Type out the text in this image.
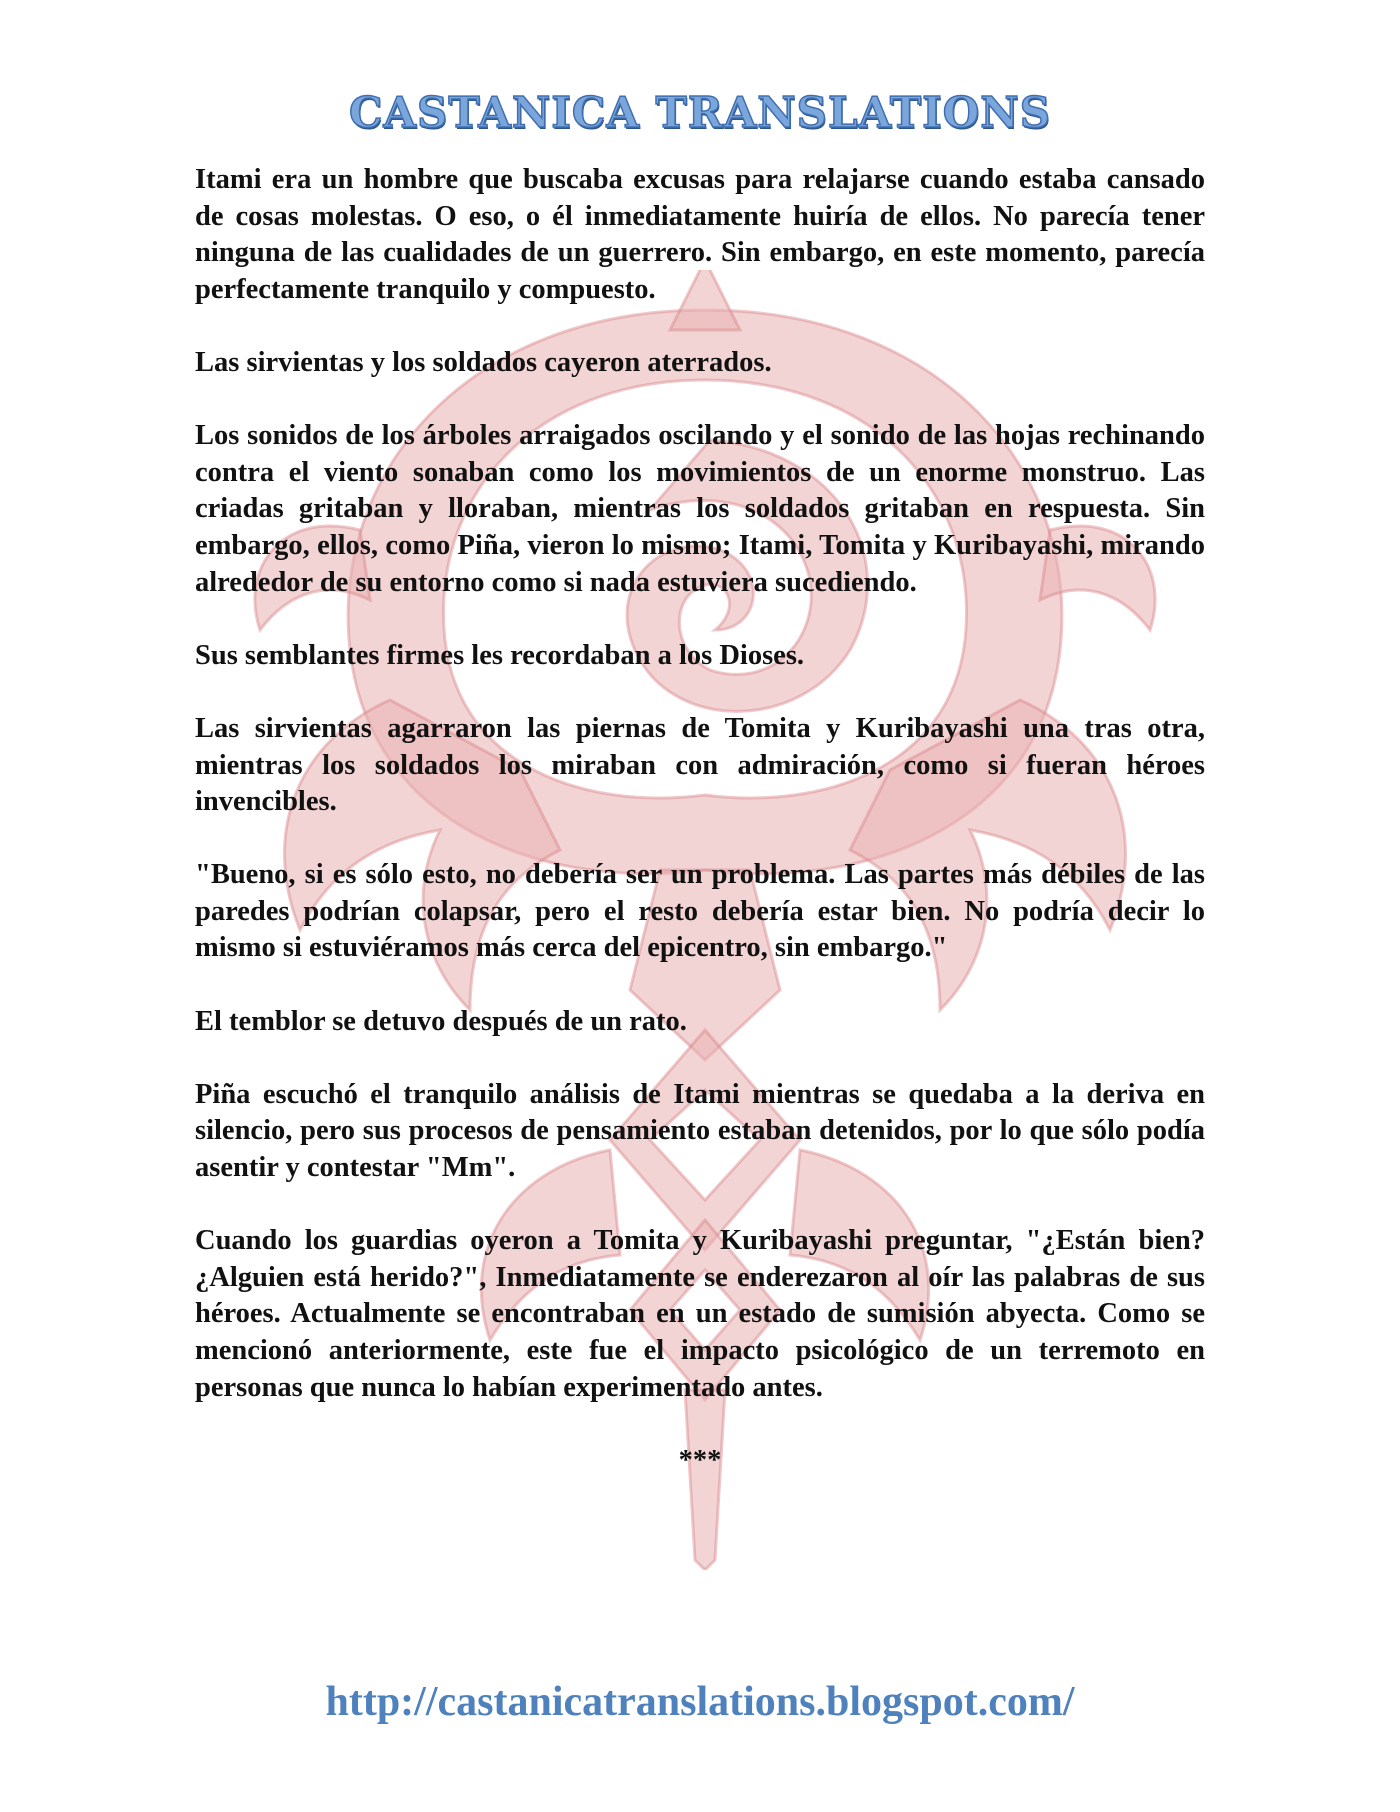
CASTANICA TRANSLATIONS

Itami era un hombre que buscaba excusas para relajarse cuando estaba cansado de cosas molestas. O eso, o él inmediatamente huiría de ellos. No parecía tener ninguna de las cualidades de un guerrero. Sin embargo, en este momento, parecía perfectamente tranquilo y compuesto.

Las sirvientas y los soldados cayeron aterrados.

Los sonidos de los árboles arraigados oscilando y el sonido de las hojas rechinando contra el viento sonaban como los movimientos de un enorme monstruo. Las criadas gritaban y lloraban, mientras los soldados gritaban en respuesta. Sin embargo, ellos, como Piña, vieron lo mismo; Itami, Tomita y Kuribayashi, mirando alrededor de su entorno como si nada estuviera sucediendo.

Sus semblantes firmes les recordaban a los Dioses.

Las sirvientas agarraron las piernas de Tomita y Kuribayashi una tras otra, mientras los soldados los miraban con admiración, como si fueran héroes invencibles.

"Bueno, si es sólo esto, no debería ser un problema. Las partes más débiles de las paredes podrían colapsar, pero el resto debería estar bien. No podría decir lo mismo si estuviéramos más cerca del epicentro, sin embargo."

El temblor se detuvo después de un rato.

Piña escuchó el tranquilo análisis de Itami mientras se quedaba a la deriva en silencio, pero sus procesos de pensamiento estaban detenidos, por lo que sólo podía asentir y contestar "Mm".

Cuando los guardias oyeron a Tomita y Kuribayashi preguntar, "¿Están bien? ¿Alguien está herido?", Inmediatamente se enderezaron al oír las palabras de sus héroes. Actualmente se encontraban en un estado de sumisión abyecta. Como se mencionó anteriormente, este fue el impacto psicológico de un terremoto en personas que nunca lo habían experimentado antes.

***

http://castanicatranslations.blogspot.com/
